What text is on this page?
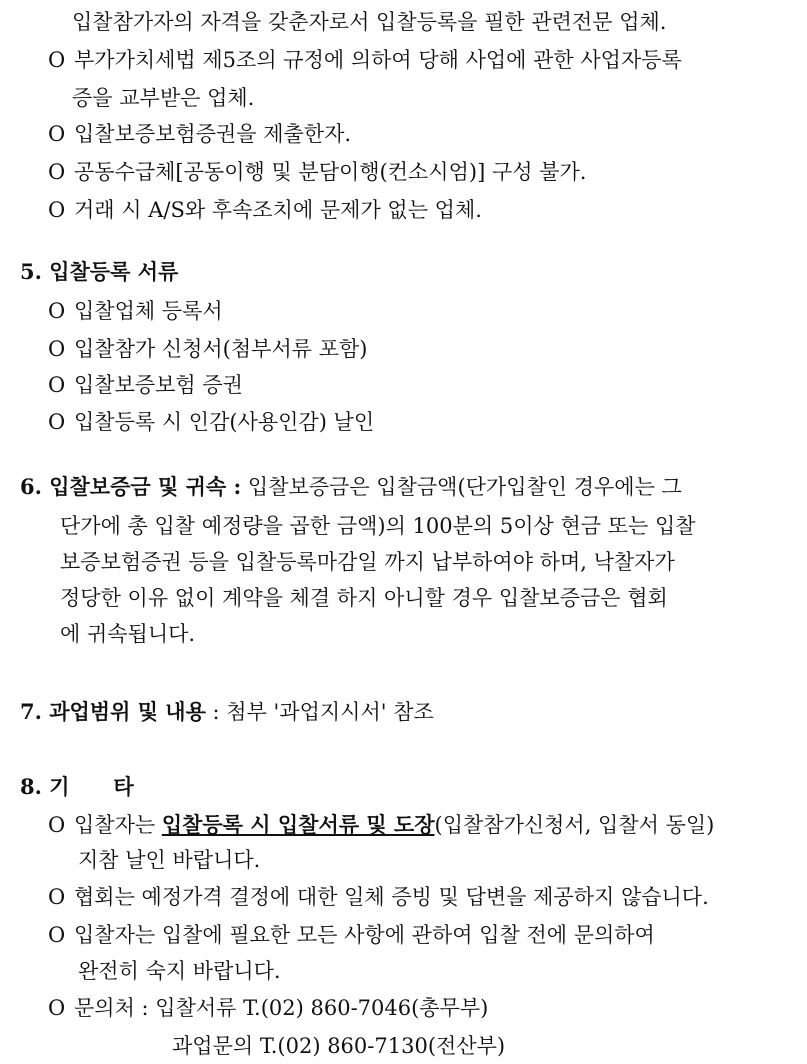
입찰참가자의 자격을 갖춘자로서 입찰등록을 필한 관련전문 업체.
O 부가가치세법 제5조의 규정에 의하여 당해 사업에 관한 사업자등록
증을 교부받은 업체.
O 입찰보증보험증권을 제출한자.
O 공동수급체[공동이행 및 분담이행(컨소시엄)] 구성 불가.
O 거래 시 A/S와 후속조치에 문제가 없는 업체.
5. 입찰등록 서류
O 입찰업체 등록서
O 입찰참가 신청서(첨부서류 포함)
O 입찰보증보험 증권
O 입찰등록 시 인감(사용인감) 날인
6. 입찰보증금 및 귀속 : 입찰보증금은 입찰금액(단가입찰인 경우에는 그
단가에 총 입찰 예정량을 곱한 금액)의 100분의 5이상 현금 또는 입찰
보증보험증권 등을 입찰등록마감일 까지 납부하여야 하며, 낙찰자가
정당한 이유 없이 계약을 체결 하지 아니할 경우 입찰보증금은 협회
에 귀속됩니다.
7. 과업범위 및 내용 : 첨부 '과업지시서' 참조
8. 기      타
O 입찰자는 입찰등록 시 입찰서류 및 도장(입찰참가신청서, 입찰서 동일)
지참 날인 바랍니다.
O 협회는 예정가격 결정에 대한 일체 증빙 및 답변을 제공하지 않습니다.
O 입찰자는 입찰에 필요한 모든 사항에 관하여 입찰 전에 문의하여
완전히 숙지 바랍니다.
O 문의처 : 입찰서류 T.(02) 860-7046(총무부)
과업문의 T.(02) 860-7130(전산부)
